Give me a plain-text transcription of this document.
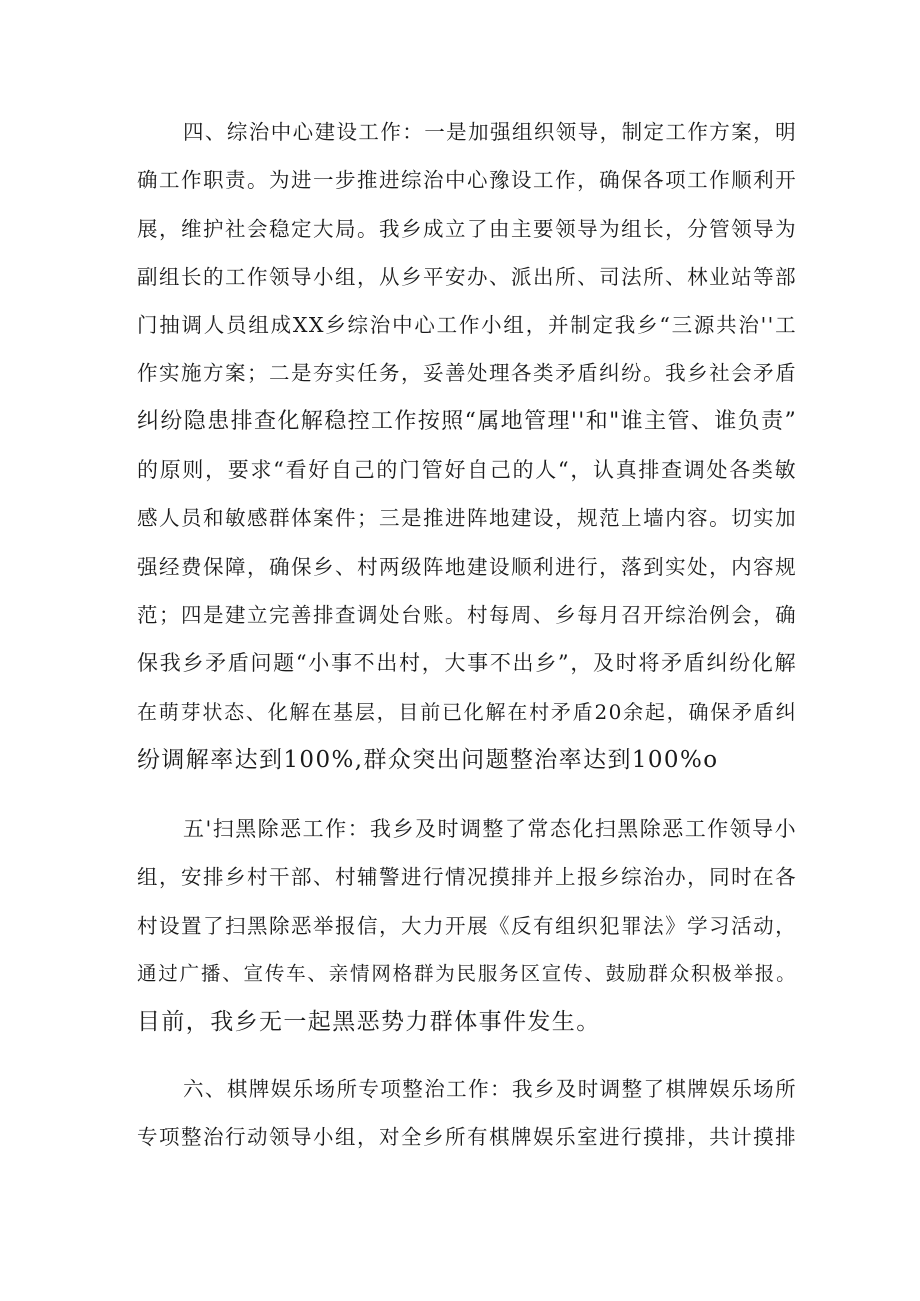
四、综治中心建设工作：一是加强组织领导，制定工作方案，明
确工作职责。为进一步推进综治中心豫设工作，确保各项工作顺利开
展，维护社会稳定大局。我乡成立了由主要领导为组长，分管领导为
副组长的工作领导小组，从乡平安办、派出所、司法所、林业站等部
门抽调人员组成XX乡综治中心工作小组，并制定我乡“三源共治''工
作实施方案；二是夯实任务，妥善处理各类矛盾纠纷。我乡社会矛盾
纠纷隐患排查化解稳控工作按照“属地管理''和"谁主管、谁负责”
的原则，要求“看好自己的门管好自己的人“，认真排查调处各类敏
感人员和敏感群体案件；三是推进阵地建设，规范上墙内容。切实加
强经费保障，确保乡、村两级阵地建设顺利进行，落到实处，内容规
范；四是建立完善排查调处台账。村每周、乡每月召开综治例会，确
保我乡矛盾问题“小事不出村，大事不出乡”，及时将矛盾纠纷化解
在萌芽状态、化解在基层，目前已化解在村矛盾20余起，确保矛盾纠
纷调解率达到100%,群众突出问题整治率达到100%o
五'扫黑除恶工作：我乡及时调整了常态化扫黑除恶工作领导小
组，安排乡村干部、村辅警进行情况摸排并上报乡综治办，同时在各
村设置了扫黑除恶举报信，大力开展《反有组织犯罪法》学习活动，
通过广播、宣传车、亲情网格群为民服务区宣传、鼓励群众积极举报。
目前，我乡无一起黑恶势力群体事件发生。
六、棋牌娱乐场所专项整治工作：我乡及时调整了棋牌娱乐场所
专项整治行动领导小组，对全乡所有棋牌娱乐室进行摸排，共计摸排
